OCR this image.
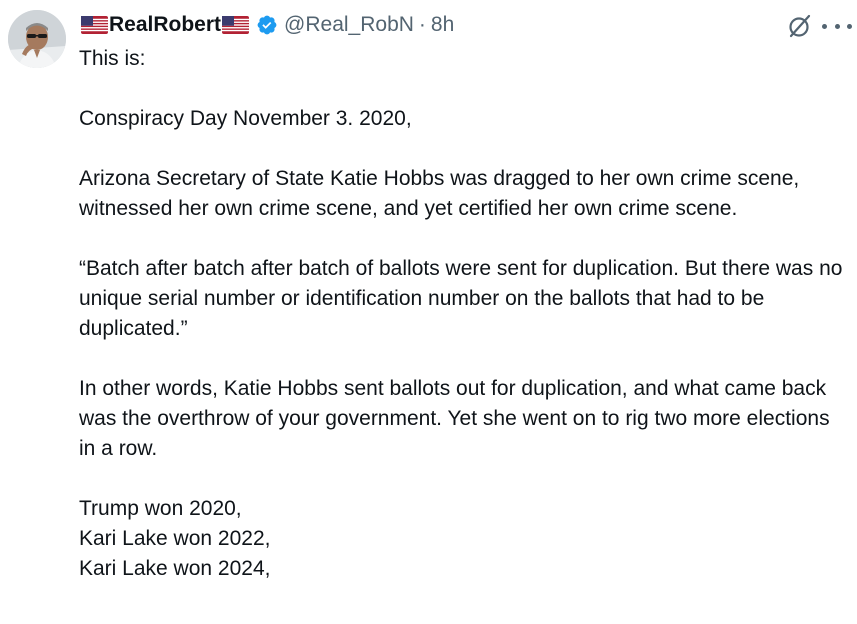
RealRobert	@Real_RobN · 8h

This is:

Conspiracy Day November 3. 2020,

Arizona Secretary of State Katie Hobbs was dragged to her own crime scene, witnessed her own crime scene, and yet certified her own crime scene.

“Batch after batch after batch of ballots were sent for duplication. But there was no unique serial number or identification number on the ballots that had to be duplicated.”

In other words, Katie Hobbs sent ballots out for duplication, and what came back was the overthrow of your government. Yet she went on to rig two more elections in a row.

Trump won 2020,
Kari Lake won 2022,
Kari Lake won 2024,
